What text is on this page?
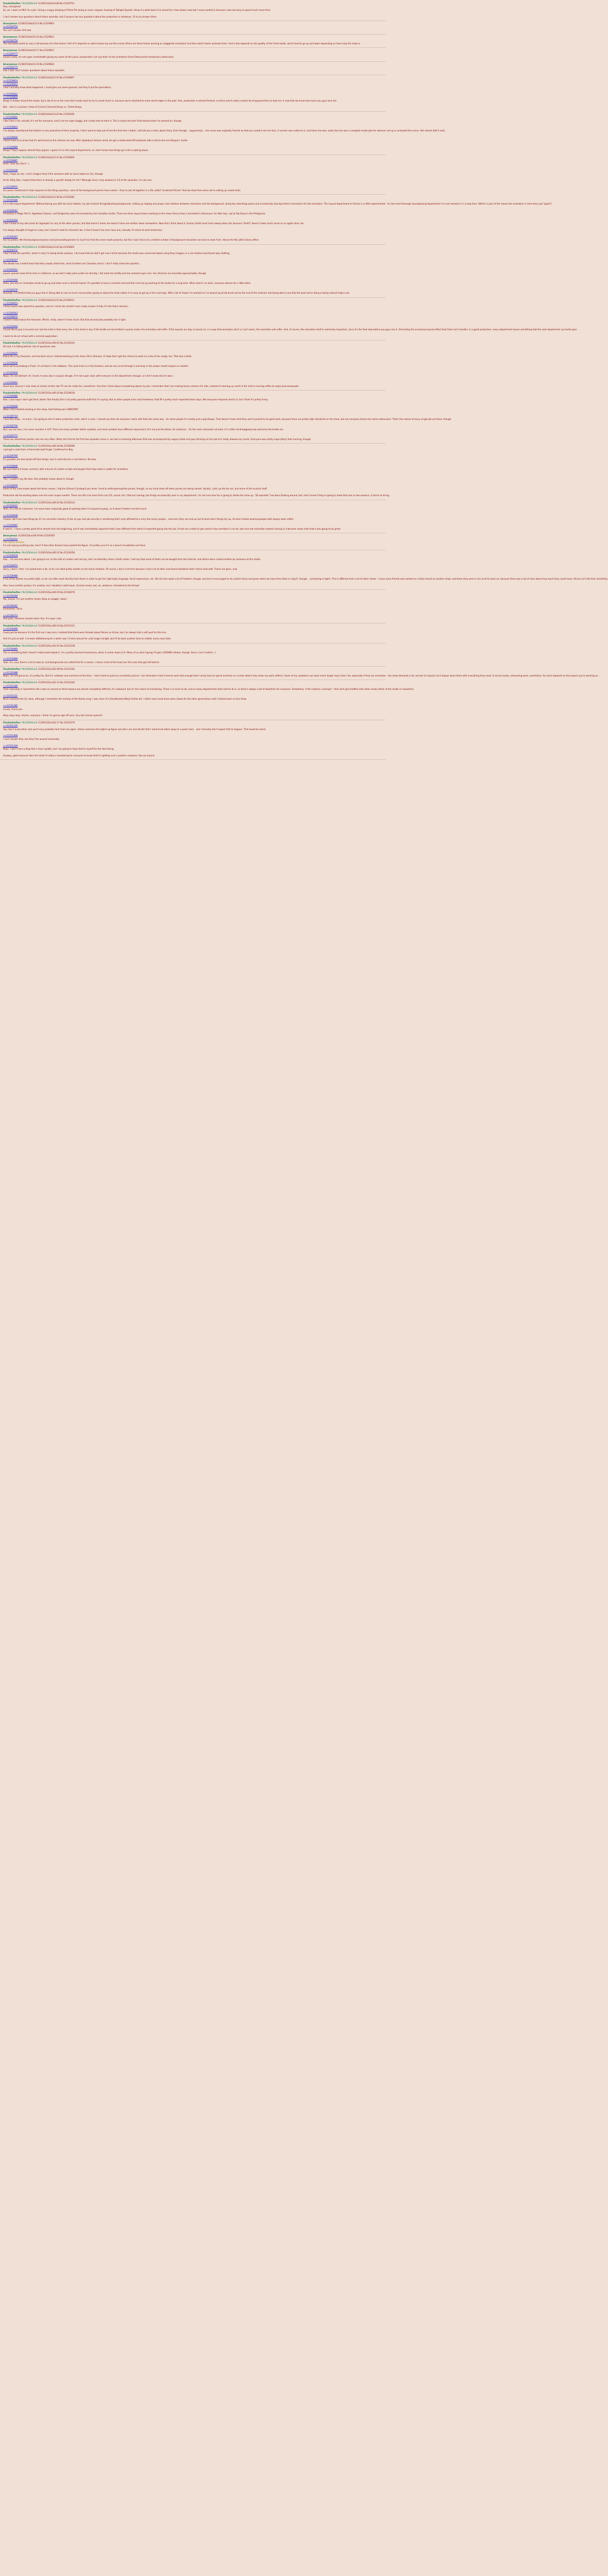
FlashinthePan !!NsYJOEbkhxS 11/28/15(Sat)23:08 No.21529754
Hey, everypony!
So, uh, I work on MLP. As a job. I bring a crappy drawing of Pinkie Pie doing an even crappier drawing of Twilight Sparkle. Draw it a while back (I've lurked for a few weeks now) but I never posted it, because I was too busy to spend much more time.
I can't answer any questions about future episodes, but if anyone has any questions about the production or whatever, I'll try to answer them.
Anonymous 11/28/15(Sat)23:14 No.21529801
>>21529754
You can't answer shit now
Anonymous 11/28/15(Sat)23:16 No.21529811
>>21529754
The animation tends to vary a lot because of a few factors. Part of it depends on which teams lay out the scenes (there are three teams working on staggered schedules) and then which teams animate them. And it also depends on the quality of the Flash builds, which tend to go up and down depending on how crazy the show is.
Anonymous 11/28/15(Sat)23:17 No.21529817
>>21529777
almost ready. I'm not super comfortable giving my name at this point, except that I can say that I'm the animation friend Ostrocurtial mentioned a while back
Anonymous 11/28/15(Sat)23:18 No.21529823
>>21529775
Like I said, can't answer questions about future episodes.
FlashinthePan !!NsYJOEbkhxS 11/28/15(Sat)23:19 No.21529897
>>21529814
>>21529813
I don't actually know what happened. I could give you some guesses, but they'd just be speculation.
>>21529822
>>21529820
Derpy is known around the studio, but a lot of us on the crew don't really want to try to sneak much in, because we're shackled to some weird edges in the past. Also, production is almost finished, so there aren't really a whole lot of opportunities to drop her in now that we know how much you guys love her.
But... here is a picture I drew of Correct Coloured Derpy vs. Tinted Derpy.
FlashinthePan !!NsYJOEbkhxS 11/28/15(Sat)23:25 No.21529169
>>21529801
I like Flash a lot, actually. It's not for everyone, and it can be super buggy, but I know how to tame it. This is easily the best Flash-based show I've worked on, though.
>>21529824
I've always maintained that Hasbro is very protective of their property. I don't want to step out of line the first time I debut, I will tell you a story about Glory. Even though... (apparently)... the scene was originally framed so that you couldn't see her face. A version was called on it, and there she was. Looks like she was a complete inside joke for whoever set up or animated the scene. She almost didn't exist.
>>21529816
I think most of us know that it's well-loved on the internet, by now. After Applebuck Season aired, we got a studio-wide IM broadcast with a link to the one Shipper's Guide.
>>21529880
Derpy? They'll appear when/if they appear. I guess I'm in the Layout department, so I don't know how things go in the scripting phase.
FlashinthePan !!NsYJOEbkhxS 11/28/15(Sat)23:31 No.21529009
>>21529087
Hello! Glad you like it. :)
>>21529109
Yeah, I hope so, too. I can't imagine they'd fire someone with as much talent as him, though.
As for Ditzy Doo, I expect that there is already a specific design for her? Although since I only worked on 1/3 of the episodes, I'm not sure.
>>21529971
As Lauren mentioned in that response to the Derpy question, none of the background ponies have names - they're just all together in a file called "Incidental Ponies" that we draw from when we're setting up crowd shots.
FlashinthePan !!NsYJOEbkhxS 11/28/15(Sat)23:36 No.21529180
>>21529180
I'm in the Layout department. Without boring you with too much details, my job involves fixing/adjusting backgrounds, setting up staging and proper size relations between characters and the background, doing key (standing) poses and occasionally leaving further instructions for the animators. The Layout department on Ponies is a little experimental - it's the most thorough layout/posing department I've ever worked in in a long time. (Which is part of the reason the animation is more than just "good").
>>21529241
Friendship is Magic Part II, Applebuck Season, and Dragonshy were all animated by the Canadian studio. There are three layout teams working on the show. Every show is animated in Vancouver. So after two, I go to Top Draw in the Philippines.
>>21529256
I don't know of any last name for Applejack (or any of the other ponies), but that doesn't mean she doesn't have one written down somewhere. Now that I think about it, Granny Smith must have always been old, because "Smith" doesn't make much sense as an apple store. Ha.
I've always thought of Angel as a boy, but I haven't read his character bio. (I don't know if we even have one, actually. I'll check at work tomorrow.)
>>21529297
Fair to protect. We find background ponies (and personality/ponies) so much fun that the scene reads properly, but like I said, there are a limited number of background characters we have to work from. Hence the My Little Colony effect.
FlashinthePan !!NsYJOEbkhxS 11/28/15(Sat)23:42 No.21529605
>>21529272
I don't know the specifics, which is why I'm being kinda cautious. I do know that we didn't get cow t-shirts because the studio was concerned about using Pony imagery in a non-Hasbro-sanctioned way. Sadfrog.
>>21529337
The Studio has a talent base that they usually draw from, most of whom are Canadian actors. I don't really know the specifics.
>>21529351
Lauren spends most of her time in California, so we don't really work under her directly. I did meet her briefly and she seemed super nice. Our directors are all pretty approachable, though.
>>21529366
Haha, yes and no. Animation tends to go up and down and is contract based. It's possible to have a contract end and then not end up working at the studio for a long time. When there's no work, everyone dances for a little while.
>>21529376
Honestly, I'm thrilled that you guys like it. Being able to see so much conversation going on about the show makes it so easy to get up in the mornings. With a lot of shows I've worked on I've wound up kinda burnt out by the end of the contract, but being able to see that the work we're doing is being noticed helps a lot.
FlashinthePan !!NsYJOEbkhxS 11/28/15(Sat)23:51 No.21529613
>>21529613
I think Lauren was asked this question, and as I recall she couldn't even really answer it fully. It's the Hub's decision.
>>21529543
>>21529671
I haven't heard about the Smoozes. Which, really, doesn't mean much. But that second post probably has it right.
>>21529593
I'd just like to pop in to point out, but the truth is that every line in the sheet is key. If the builds are too limited or poorly made, the animation will suffer. If the layouts are lazy or poorly (or, in a way that animators don't or can't work), the animation will suffer. And, of course, the animation itself is extremely important, since it's the final step before you guys see it. (Excluding the occasional special effect that Flash can't handle). In a good production, every department leaves something that the next department can build upon.
I seem to do art school with a nominal application.
FlashinthePan !!NsYJOEbkhxS 11/29/15(Sun)00:02 No.21530142
Oh lord, I'm falling behind, lots of questions now.
>>21529625
Pinkie Pie is my favourite, and has been since I started working on the show. She's hilarious. It helps that I got the chance to work on a few of her songs, too. That was a blast.
>>21529636
Since we're animating in Flash, it's all done in the software. The vocal track is in the timeline, and we can scrub through it and drop in the proper mouth shapes as needed.
>>21529658
Nope, I'm not Dothard. As I recall, he was also in Layout, though. (I'm not super close with everyone in the department, though, so I don't know who he was.)
>>21529661
Good luck, bronny! I only draw at school; at this rate TV can be really fun, sometimes. Any time I think about complaining about my job, I remember that I am making funny cartoons for kids, instead of cleaning up vomit in the mall or serving coffee to angry businesspeople.
FlashinthePan !!NsYJOEbkhxS 11/29/15(Sun)00:10 No.21530030
>>21529680
Hah, I sure hope I don't get fired, either! But frankly this is all pretty general stuff that I'm saying. But as other people have said elsewhere, Rudi M is pretty much expected these days. Not everyone responds well to it, but I think it's pretty funny.
>>21529699
When I first started working on the show, that feeling was CONSTANT.
>>21529714
I love this show... so much. I am going to miss it when production ends, which is soon. I should say that not everyone I work with feels the same way - for some people it's mostly just a paycheque. That doesn't mean that they aren't pushed to do good work, because there are pretty high standards on the show, but not everyone shares the same enthusiasm. That's the nature of every single job out there, though.
>>21529756
Did I see her face, I've never counted. A LOT. There are many symbols within symbols, and most symbols have different expressions (I'm not just the blinks, for instance)... for the main characters at least, it's a little mind-boggling how extensive the builds are.
>>21529771
There are sometimes parties, but not very often. When the first for the first two episodes came in, we had a screening afternoon that was accompanied by sugary treats and pop (drinking on the job isn't really allowed any more). Everyone was pretty super-jittery that morning, though.
FlashinthePan !!NsYJOEbkhxS 11/29/15(Sun)00:18 No.21530049
I just got a note from a friend who built Angel. Confirmed he Boy.
>>21529795
It's possible she was based off that design, but it could also be a coincidence. No idea.
>>21529806
We use Flash 8 (I know, ancient), with a bunch of custom scripts and plugins that help make it usable for animation.
>>21529851
This, I couldn't say. No idea. She probably knows about it, though.
>>21529879
Some of the crew knows about the fanon names. I dig the Octavia Cyndaquil you draw. I tend to anthropomorphize ponies, though, so my mind shuts off when ponies are being named. Vocally, I pick up the fan art, and some of the musical stuff.
Production will be winding down over the next couple months. There are still a lot more final cuts (FX, sound, etc.) that are coming, but things are basically over in my department. I'm not sure how fun is going to divide the show up. "26 episodes" has been floating around, but I don't know if they're going to make that one or two seasons, in terms of airing.
FlashinthePan !!NsYJOEbkhxS 11/29/15(Sun)00:25 No.21530314
>>21530022
Yeah, it's a bit of a bummer. I've never been especially good at working when I'm buzzed anyway, so it doesn't bother me that much.
>>21529938
Thanks! We'll see how things go. It's an uncertain industry. It has its ups, but job security is something that's only afforded to a very few senior people... and even they can end up out of work when things dry up. At least it beats businesspeople with always work coffee.
>>21529997
It wasn't.. I have a pretty good drive almost from the beginning, and it was immediately apparent that it was different from what I'd expected going into the job. It took me a while to get used to how overdone it can be, but once the animation started coming in it became really clear that it was going to be great.
Anonymous 11/29/15(Sun)00:29 No.21530362
>>21530314
126 replies omitted
I'm not saying anything new, here? A few other bronies have posted the figure. I'm pretty sure it's on a bunch of websites out there.
FlashinthePan !!NsYJOEbkhxS 11/29/15(Sun)00:32 No.21530356
>>21530018
Hah... I'm not sure about. I am going to err on the side of caution and not say, lest I accidentally share a fanfic writer. I will say that some of them can be bought from the internet, and others were custom-written by someone at the studio.
>>21530073
Sorry, I don't, I feel. I've lurked here a lot, so far I've liked pretty handle on the 4chan fanbase. Of course, I don't visit here because I had a lot of other new-found deadlines that I had to deal with. Those are gone, now.
>>21530080
A lot of the boards are pretty tight, so we can often work directly from those in order to get the right body language, facial expressions, etc. We do have quite a lot of freedom, though, and we're encouraged to do custom faces and poses when we have time (that is a big IF, though... scheduling is tight). This is different from a lot of other shows - I have some friends who worked on a Sonic board on another show, and there they were in fun at all to work on, because there was a lot of rules about how much they could move. Ponies isn't like that, thankfully.
Also, have another picture. It's another one I doodled a while back. Ancient meme, but, uh, whatever. Unrelated to the thread.
FlashinthePan !!NsYJOEbkhxS 11/29/15(Sun)00:35 No.21530470
>>21530369
Aw, shucks. I'm just another lonely. Keep on pluggin' away!
>>21530241
Eeeeeeeeh. Sorry.
>>21530373
And yeah, someone should colour this. It's super cute.
FlashinthePan !!NsYJOEbkhxS 11/29/15(Sun)00:53 No.21531121
>>21530900
Could just be because it's the first one I saw once I realized that there were threads about Ponies on 4chan, but I've always had a soft spot for this one.
And it's just as well. I've been dddeblening for a while now. I'll stick around for a bit longer tonight, but I'll be back another time to chatter some more later.
FlashinthePan !!NsYJOEbkhxS 11/29/15(Sun)01:01 No.21531238
>>21530985
This is something that I haven't really heard about it. I'm a pretty low-level functionary, when it comes down to it. Many of us were hoping it'll get a DVD/BD release, though. Sorry I can't confirm. :(
>>21530986
Yeah. It's, cool, there's a lot to look at, and backgrounds are called that for a reason. I mourn most of the heat over the ones that got left behind.
FlashinthePan !!NsYJOEbkhxS 11/29/15(Sun)01:08 No.21531342
>>21531088
Nope, I'm not gonna lie, it's pretty fun. But it's rainbows and sunshine all the time - I don't want to paint an unrealistic picture. I am fortunate in that I tend to work fast enough that I rarely have to spend overtime on a show (which may mean my work suffers). Some of my coworkers can work much longer hours than I do, especially if they are animators - the show demands a lot, and we (in layout) can't always leave them with everything they need. It can be lonely, exhausting work, sometimes. So much depends on the project you're working on.
FlashinthePan !!NsYJOEbkhxS 11/29/15(Sun)01:13 No.21531404
>>21531180
That's basically it. Sometimes the crews on second or third seasons are almost completely different. It's awkward, but it's the nature of scheduling. There's so much to do, and so many departments that need to do it, so there's always a bit of downtime for everyone. Sometimes, if the industry is bumpin'', then we'll get shuffled onto other shows either at the studio or elsewhere.
>>21531221
Never watched the G1 show, although I remember the melody of the theme song. I was more of a Ghostbusters/Ninja Turtles kid. I didn't even know there were shows for the other generations until I started work on this show.
>>21531285
Lovely, thank you.
Okay okay okay, thanks, everyone. I think I'm gonna sign off soon. Any last minute queries?
FlashinthePan !!NsYJOEbkhxS 11/29/15(Sun)01:17 No.21531470
>>21531335
Yep! Don't know when, but you'll very probably hear from me again. Unless someone the higher-up figure out who I am and decide that I need to be taken away to a quiet room... but I honestly don't expect that to happen. That would be weird.
>>21531400
I can't answer that, but they'll be around eventually.
>>21531419
Nope. I don't have a blog that I never update, but I am going to keep that to myself for the time being.
Anyway, glad everyone likes the show! It really is heartening for everyone to know that it's getting such a positive response. See ya around.
